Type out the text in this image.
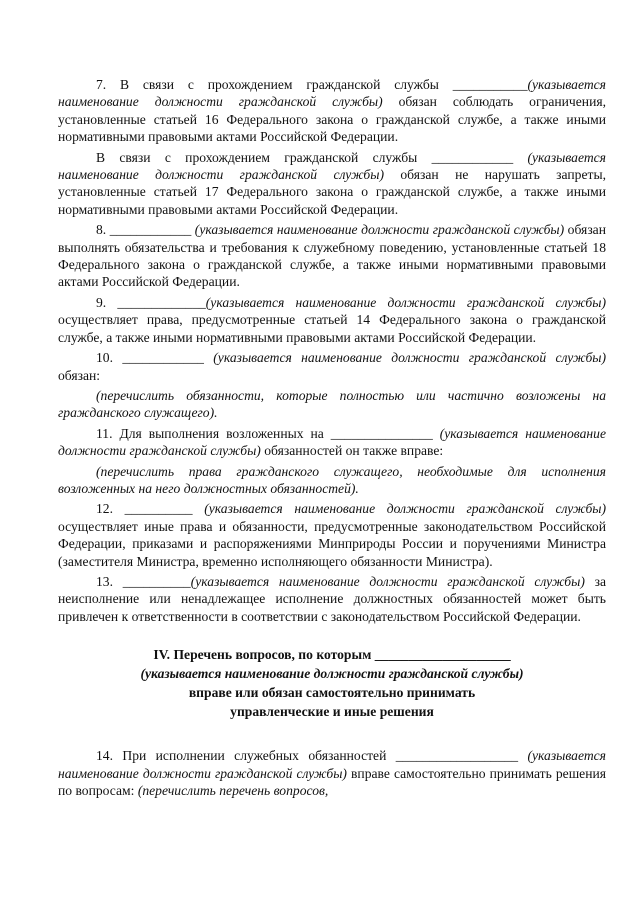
7. В связи с прохождением гражданской службы ___________(указывается наименование должности гражданской службы) обязан соблюдать ограничения, установленные статьей 16 Федерального закона о гражданской службе, а также иными нормативными правовыми актами Российской Федерации.

В связи с прохождением гражданской службы ____________ (указывается наименование должности гражданской службы) обязан не нарушать запреты, установленные статьей 17 Федерального закона о гражданской службе, а также иными нормативными правовыми актами Российской Федерации.

8. ____________ (указывается наименование должности гражданской службы) обязан выполнять обязательства и требования к служебному поведению, установленные статьей 18 Федерального закона о гражданской службе, а также иными нормативными правовыми актами Российской Федерации.

9. _____________(указывается наименование должности гражданской службы) осуществляет права, предусмотренные статьей 14 Федерального закона о гражданской службе, а также иными нормативными правовыми актами Российской Федерации.

10. ____________ (указывается наименование должности гражданской службы) обязан:

(перечислить обязанности, которые полностью или частично возложены на гражданского служащего).

11. Для выполнения возложенных на _______________ (указывается наименование должности гражданской службы) обязанностей он также вправе:

(перечислить права гражданского служащего, необходимые для исполнения возложенных на него должностных обязанностей).

12. __________ (указывается наименование должности гражданской службы) осуществляет иные права и обязанности, предусмотренные законодательством Российской Федерации, приказами и распоряжениями Минприроды России и поручениями Министра (заместителя Министра, временно исполняющего обязанности Министра).

13. __________(указывается наименование должности гражданской службы) за неисполнение или ненадлежащее исполнение должностных обязанностей может быть привлечен к ответственности в соответствии с законодательством Российской Федерации.

IV. Перечень вопросов, по которым ____________________
(указывается наименование должности гражданской службы)
вправе или обязан самостоятельно принимать
управленческие и иные решения

14. При исполнении служебных обязанностей __________________ (указывается наименование должности гражданской службы) вправе самостоятельно принимать решения по вопросам: (перечислить перечень вопросов,
